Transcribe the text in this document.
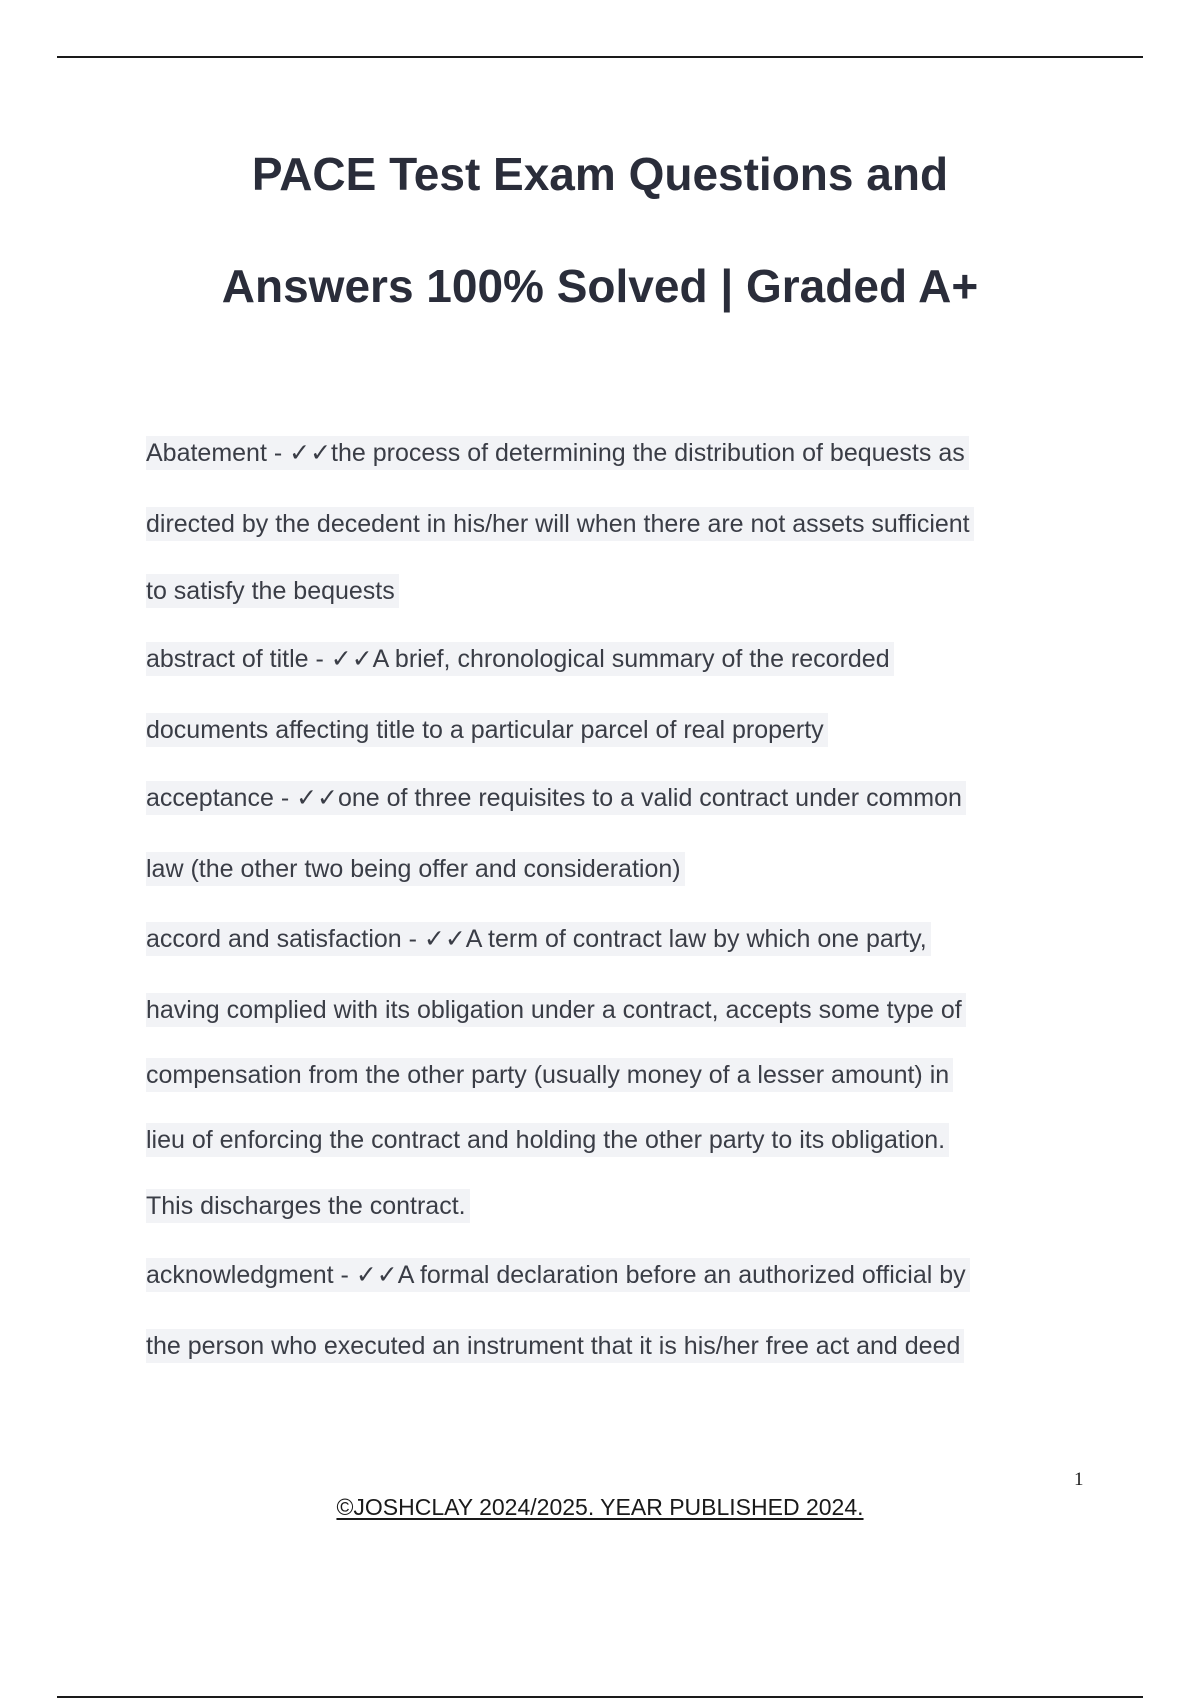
PACE Test Exam Questions and
Answers 100% Solved | Graded A+
Abatement - ✓✓the process of determining the distribution of bequests as
directed by the decedent in his/her will when there are not assets sufficient
to satisfy the bequests
abstract of title - ✓✓A brief, chronological summary of the recorded
documents affecting title to a particular parcel of real property
acceptance - ✓✓one of three requisites to a valid contract under common
law (the other two being offer and consideration)
accord and satisfaction - ✓✓A term of contract law by which one party,
having complied with its obligation under a contract, accepts some type of
compensation from the other party (usually money of a lesser amount) in
lieu of enforcing the contract and holding the other party to its obligation.
This discharges the contract.
acknowledgment - ✓✓A formal declaration before an authorized official by
the person who executed an instrument that it is his/her free act and deed
1
©JOSHCLAY 2024/2025. YEAR PUBLISHED 2024.
